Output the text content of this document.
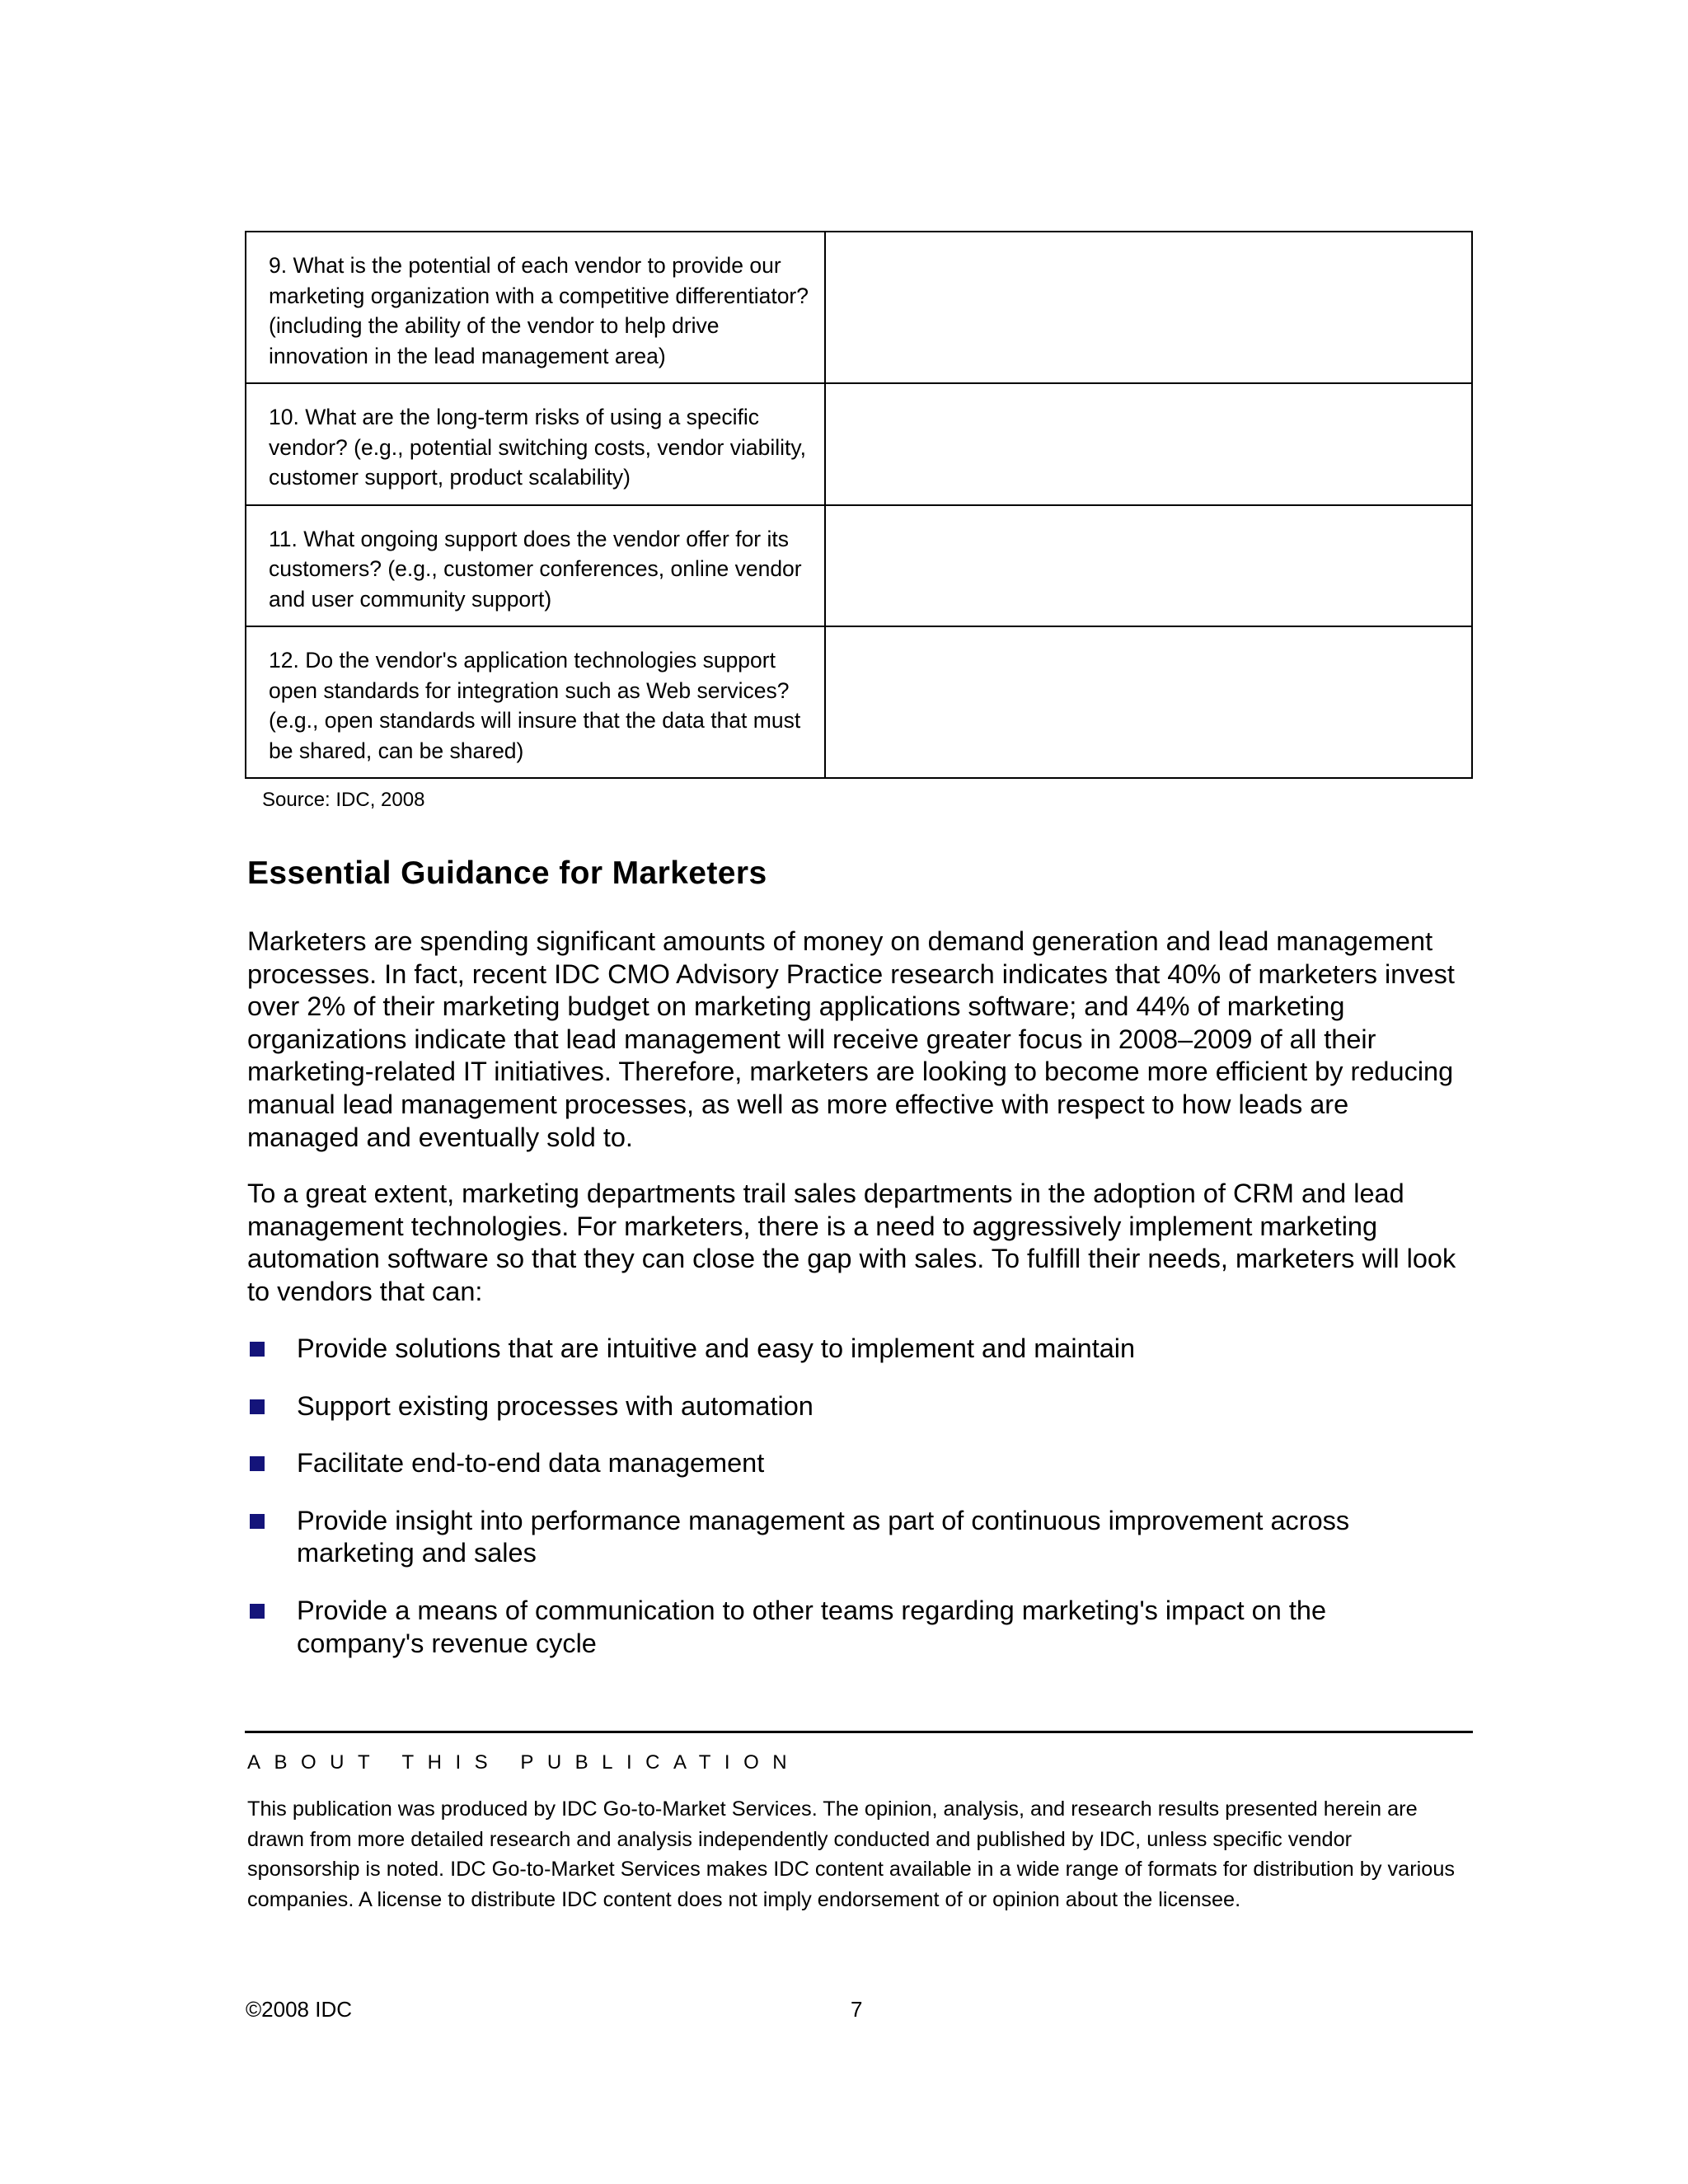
9. What is the potential of each vendor to provide our marketing organization with a competitive differentiator? (including the ability of the vendor to help drive innovation in the lead management area)	
10. What are the long-term risks of using a specific vendor? (e.g., potential switching costs, vendor viability, customer support, product scalability)	
11. What ongoing support does the vendor offer for its customers? (e.g., customer conferences, online vendor and user community support)	
12. Do the vendor's application technologies support open standards for integration such as Web services? (e.g., open standards will insure that the data that must be shared, can be shared)	
Source: IDC, 2008
Essential Guidance for Marketers

Marketers are spending significant amounts of money on demand generation and lead management processes. In fact, recent IDC CMO Advisory Practice research indicates that 40% of marketers invest over 2% of their marketing budget on marketing applications software; and 44% of marketing organizations indicate that lead management will receive greater focus in 2008–2009 of all their marketing-related IT initiatives. Therefore, marketers are looking to become more efficient by reducing manual lead management processes, as well as more effective with respect to how leads are managed and eventually sold to.

To a great extent, marketing departments trail sales departments in the adoption of CRM and lead management technologies. For marketers, there is a need to aggressively implement marketing automation software so that they can close the gap with sales. To fulfill their needs, marketers will look to vendors that can:

Provide solutions that are intuitive and easy to implement and maintain
Support existing processes with automation
Facilitate end-to-end data management
Provide insight into performance management as part of continuous improvement across marketing and sales
Provide a means of communication to other teams regarding marketing's impact on the company's revenue cycle
ABOUT THIS PUBLICATION

This publication was produced by IDC Go-to-Market Services. The opinion, analysis, and research results presented herein are drawn from more detailed research and analysis independently conducted and published by IDC, unless specific vendor sponsorship is noted. IDC Go-to-Market Services makes IDC content available in a wide range of formats for distribution by various companies. A license to distribute IDC content does not imply endorsement of or opinion about the licensee.

©2008 IDC	7
